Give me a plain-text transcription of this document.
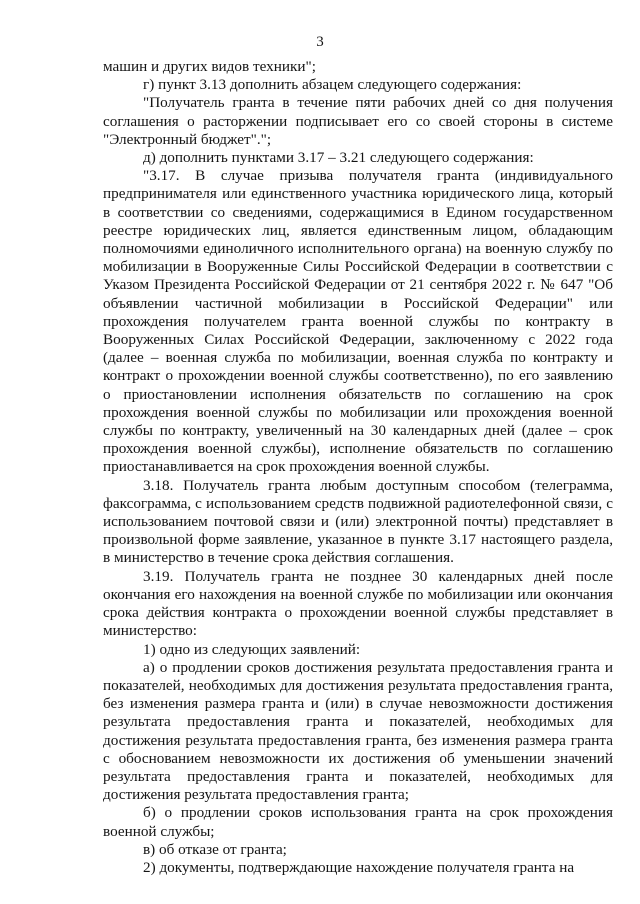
3

машин и других видов техники";

г) пункт 3.13 дополнить абзацем следующего содержания:

"Получатель гранта в течение пяти рабочих дней со дня получения соглашения о расторжении подписывает его со своей стороны в системе "Электронный бюджет".";

д) дополнить пунктами 3.17 – 3.21 следующего содержания:

"3.17. В случае призыва получателя гранта (индивидуального предпринимателя или единственного участника юридического лица, который в соответствии со сведениями, содержащимися в Едином государственном реестре юридических лиц, является единственным лицом, обладающим полномочиями единоличного исполнительного органа) на военную службу по мобилизации в Вооруженные Силы Российской Федерации в соответствии с Указом Президента Российской Федерации от 21 сентября 2022 г. № 647 "Об объявлении частичной мобилизации в Российской Федерации" или прохождения получателем гранта военной службы по контракту в Вооруженных Силах Российской Федерации, заключенному с 2022 года (далее – военная служба по мобилизации, военная служба по контракту и контракт о прохождении военной службы соответственно), по его заявлению о приостановлении исполнения обязательств по соглашению на срок прохождения военной службы по мобилизации или прохождения военной службы по контракту, увеличенный на 30 календарных дней (далее – срок прохождения военной службы), исполнение обязательств по соглашению приостанавливается на срок прохождения военной службы.

3.18. Получатель гранта любым доступным способом (телеграмма, факсограмма, с использованием средств подвижной радиотелефонной связи, с использованием почтовой связи и (или) электронной почты) представляет в произвольной форме заявление, указанное в пункте 3.17 настоящего раздела, в министерство в течение срока действия соглашения.

3.19. Получатель гранта не позднее 30 календарных дней после окончания его нахождения на военной службе по мобилизации или окончания срока действия контракта о прохождении военной службы представляет в министерство:

1) одно из следующих заявлений:

а) о продлении сроков достижения результата предоставления гранта и показателей, необходимых для достижения результата предоставления гранта, без изменения размера гранта и (или) в случае невозможности достижения результата предоставления гранта и показателей, необходимых для достижения результата предоставления гранта, без изменения размера гранта с обоснованием невозможности их достижения об уменьшении значений результата предоставления гранта и показателей, необходимых для достижения результата предоставления гранта;

б) о продлении сроков использования гранта на срок прохождения военной службы;

в) об отказе от гранта;

2) документы, подтверждающие нахождение получателя гранта на
